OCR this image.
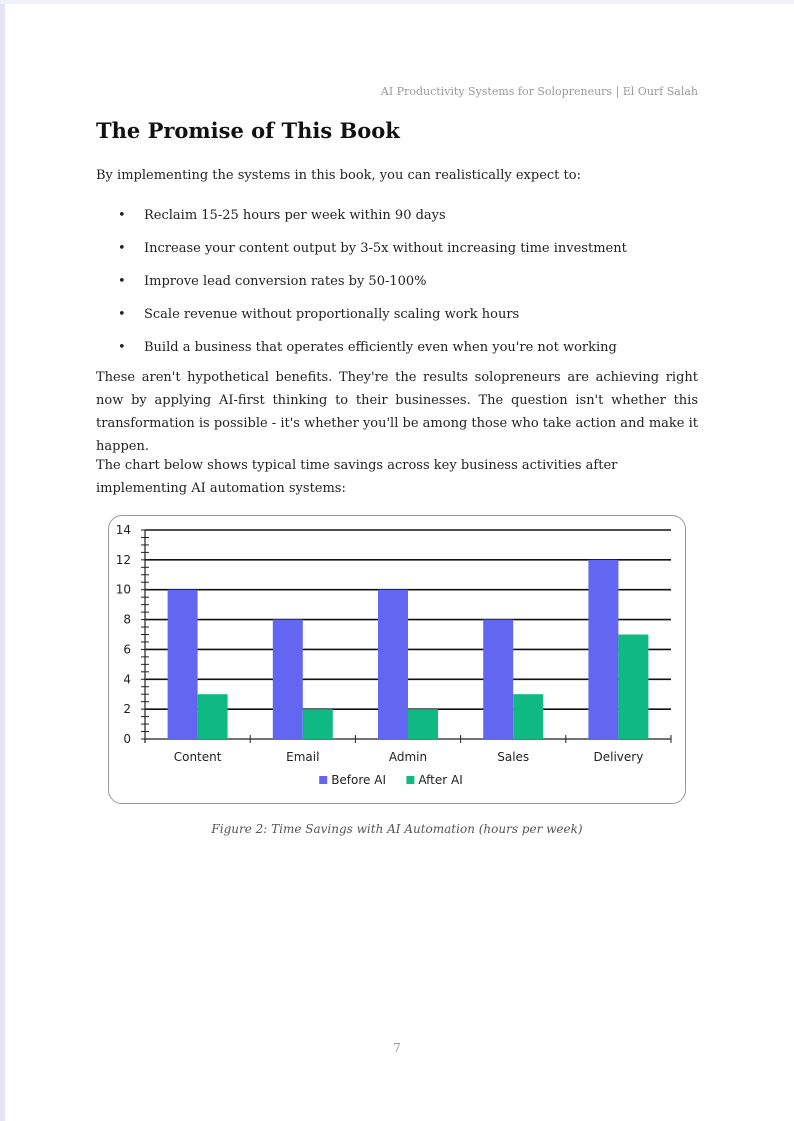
AI Productivity Systems for Solopreneurs | El Ourf Salah
The Promise of This Book

By implementing the systems in this book, you can realistically expect to:

• Reclaim 15-25 hours per week within 90 days
• Increase your content output by 3-5x without increasing time investment
• Improve lead conversion rates by 50-100%
• Scale revenue without proportionally scaling work hours
• Build a business that operates efficiently even when you're not working

These aren't hypothetical benefits. They're the results solopreneurs are achieving right now by applying AI-first thinking to their businesses. The question isn't whether this transformation is possible - it's whether you'll be among those who take action and make it happen.

The chart below shows typical time savings across key business activities after implementing AI automation systems:

0
2
4
6
8
10
12
14
Content	Email	Admin	Sales	Delivery
Before AI	After AI

Figure 2: Time Savings with AI Automation (hours per week)

7
